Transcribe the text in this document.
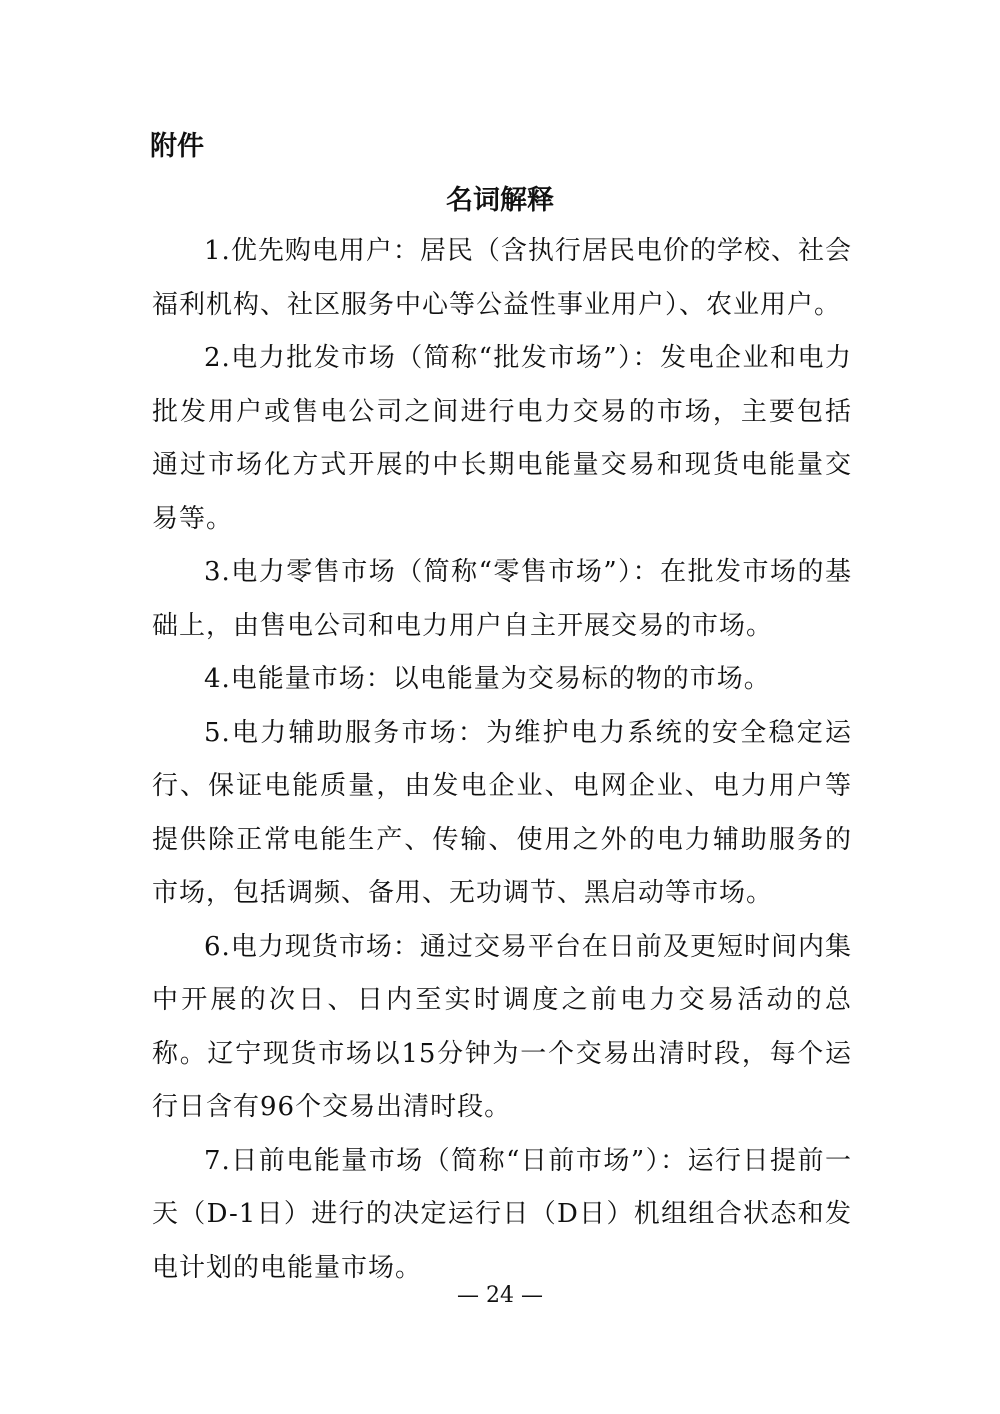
附件
名词解释

1.优先购电用户：居民（含执行居民电价的学校、社会福利机构、社区服务中心等公益性事业用户）、农业用户。

2.电力批发市场（简称“批发市场”）：发电企业和电力批发用户或售电公司之间进行电力交易的市场，主要包括通过市场化方式开展的中长期电能量交易和现货电能量交易等。

3.电力零售市场（简称“零售市场”）：在批发市场的基础上，由售电公司和电力用户自主开展交易的市场。

4.电能量市场：以电能量为交易标的物的市场。

5.电力辅助服务市场：为维护电力系统的安全稳定运行、保证电能质量，由发电企业、电网企业、电力用户等提供除正常电能生产、传输、使用之外的电力辅助服务的市场，包括调频、备用、无功调节、黑启动等市场。

6.电力现货市场：通过交易平台在日前及更短时间内集中开展的次日、日内至实时调度之前电力交易活动的总称。辽宁现货市场以15分钟为一个交易出清时段，每个运行日含有96个交易出清时段。

7.日前电能量市场（简称“日前市场”）：运行日提前一天（D-1日）进行的决定运行日（D日）机组组合状态和发电计划的电能量市场。

— 24 —
